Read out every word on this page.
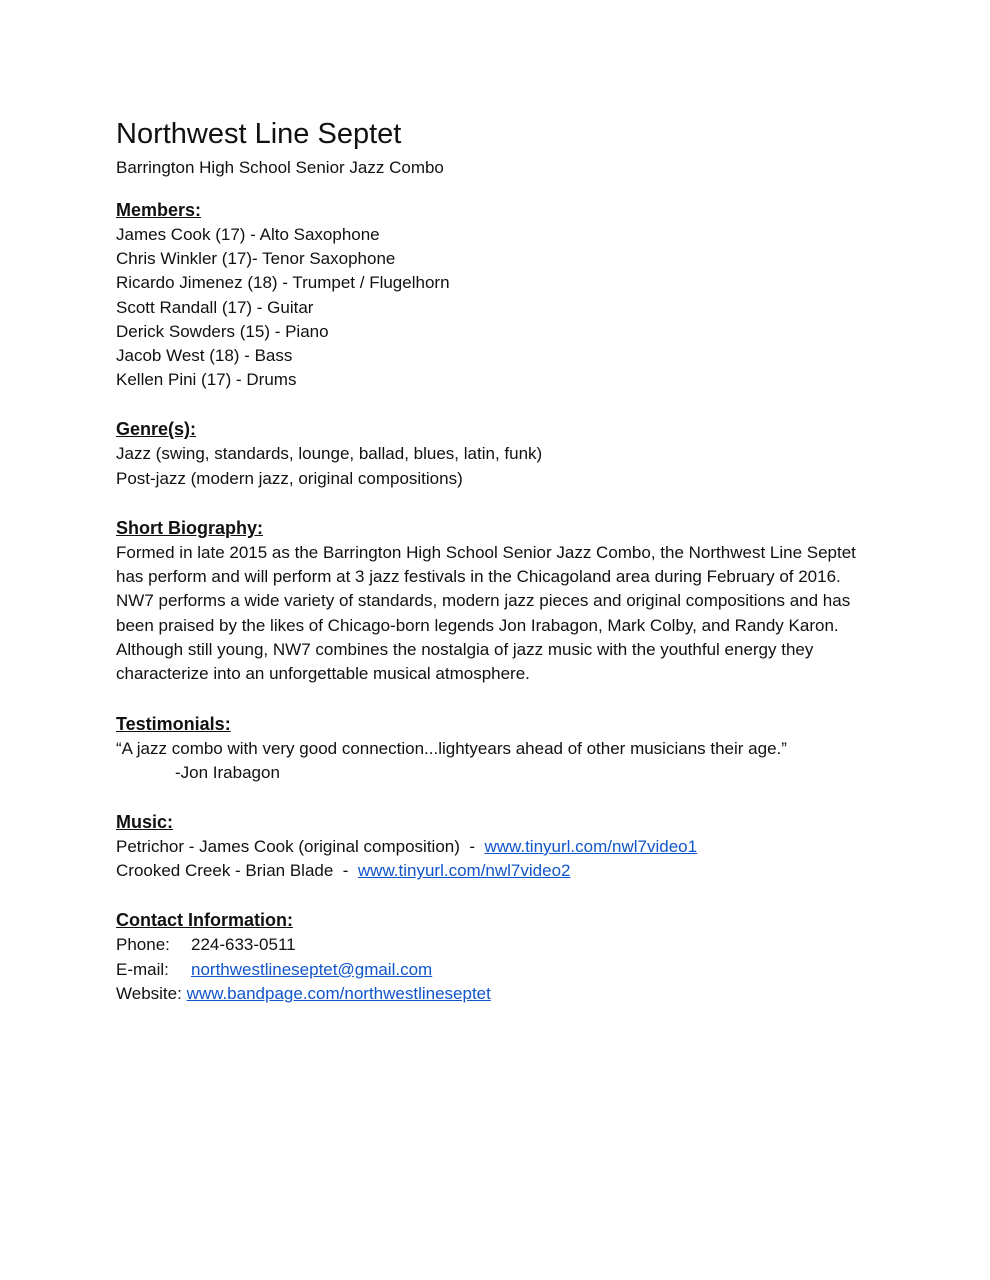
Northwest Line Septet

Barrington High School Senior Jazz Combo

Members:

James Cook (17) - Alto Saxophone

Chris Winkler (17)- Tenor Saxophone

Ricardo Jimenez (18) - Trumpet / Flugelhorn

Scott Randall (17) - Guitar

Derick Sowders (15) - Piano

Jacob West (18) - Bass

Kellen Pini (17) - Drums

Genre(s):

Jazz (swing, standards, lounge, ballad, blues, latin, funk)

Post-jazz (modern jazz, original compositions)

Short Biography:

Formed in late 2015 as the Barrington High School Senior Jazz Combo, the Northwest Line Septet has perform and will perform at 3 jazz festivals in the Chicagoland area during February of 2016. NW7 performs a wide variety of standards, modern jazz pieces and original compositions and has been praised by the likes of Chicago-born legends Jon Irabagon, Mark Colby, and Randy Karon. Although still young, NW7 combines the nostalgia of jazz music with the youthful energy they characterize into an unforgettable musical atmosphere.

Testimonials:

“A jazz combo with very good connection...lightyears ahead of other musicians their age.”

-Jon Irabagon

Music:

Petrichor - James Cook (original composition)  -  www.tinyurl.com/nwl7video1

Crooked Creek - Brian Blade  -  www.tinyurl.com/nwl7video2

Contact Information:

Phone: 224-633-0511

E-mail: northwestlineseptet@gmail.com

Website: www.bandpage.com/northwestlineseptet
